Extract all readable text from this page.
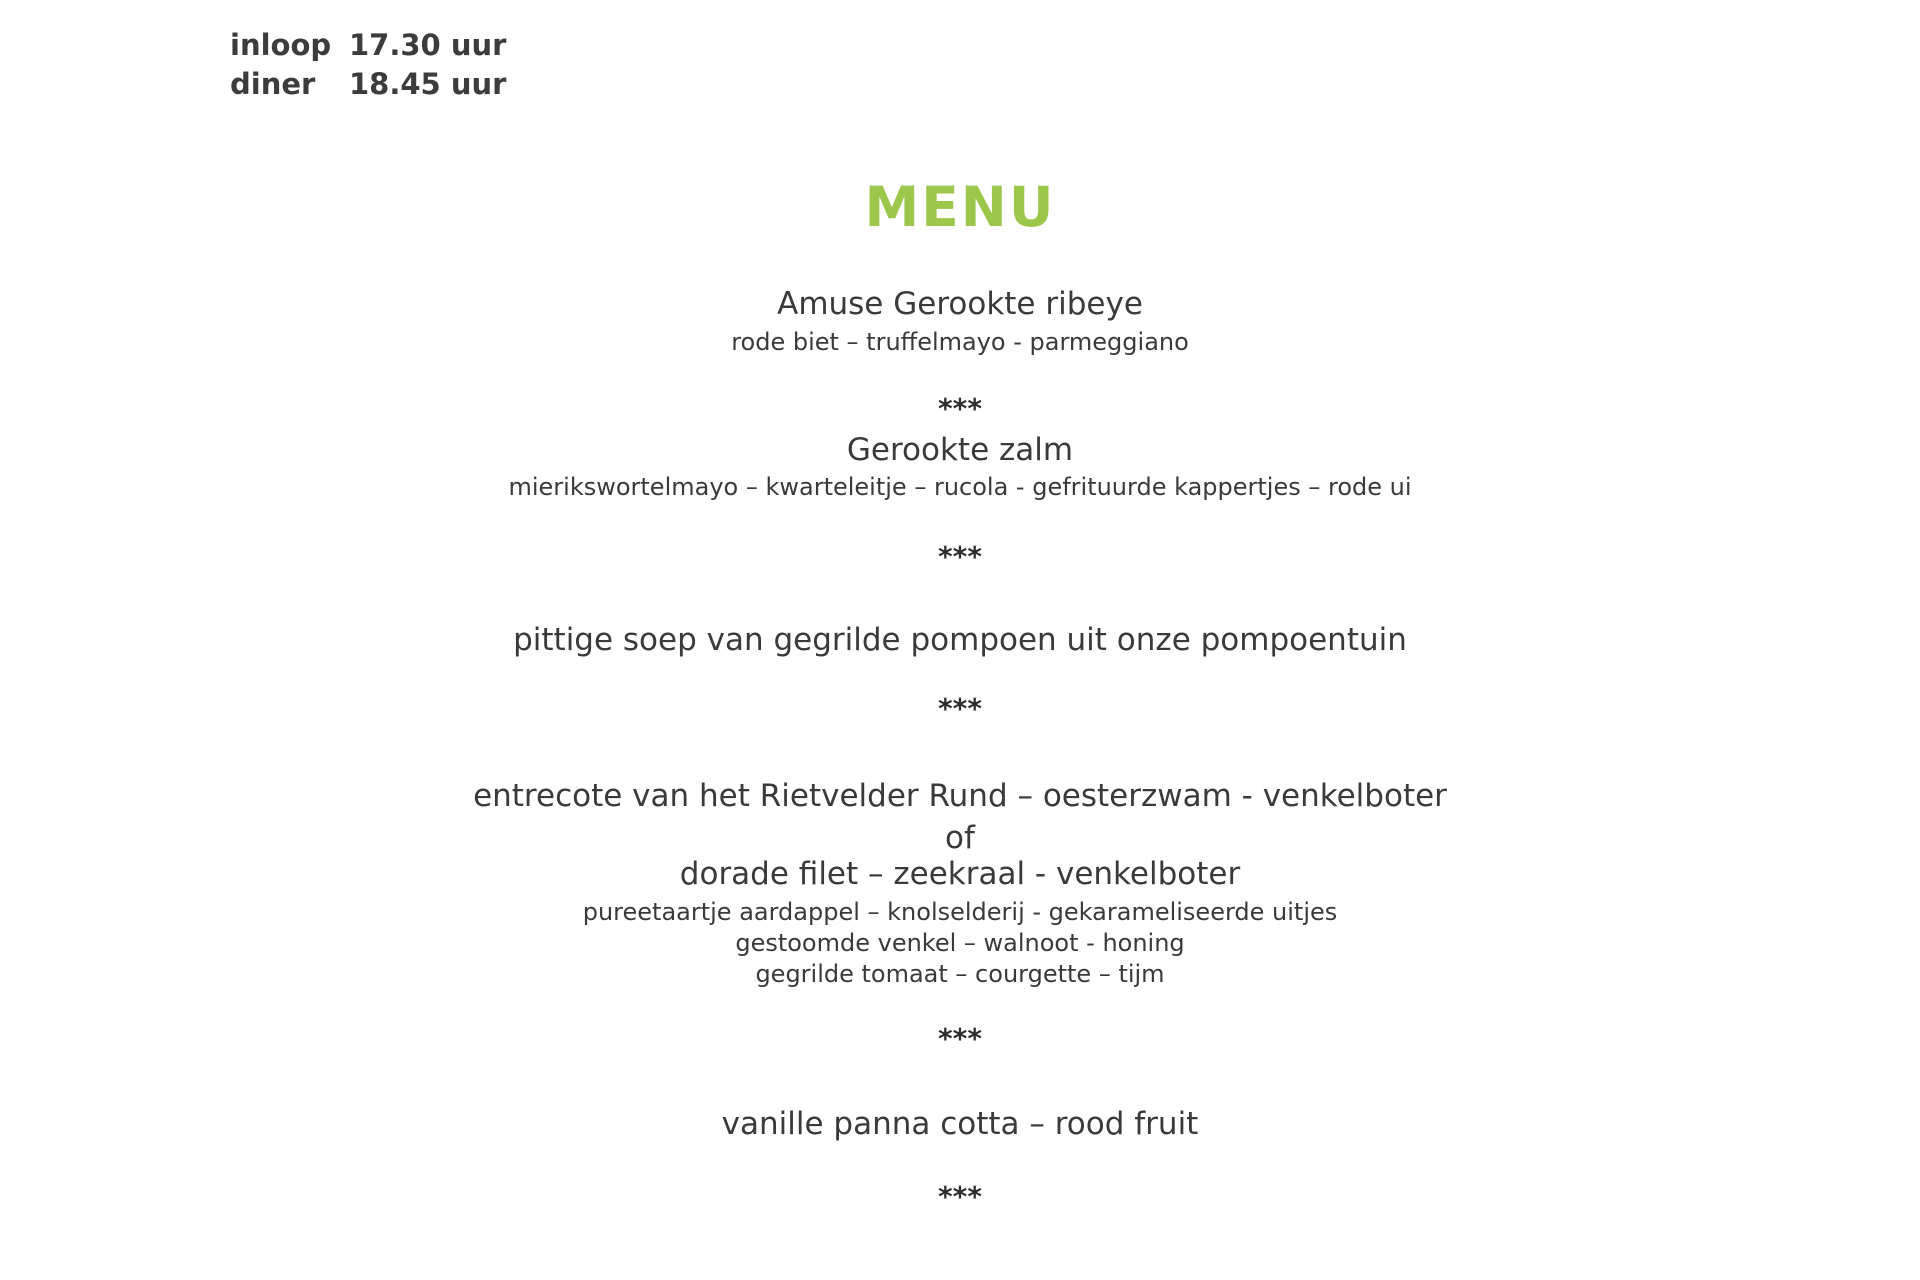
inloop 17.30 uur
diner	18.45 uur
MENU
Amuse Gerookte ribeye
rode biet – truffelmayo - parmeggiano
***
Gerookte zalm
mierikswortelmayo – kwarteleitje – rucola - gefrituurde kappertjes – rode ui
***
pittige soep van gegrilde pompoen uit onze pompoentuin
***
entrecote van het Rietvelder Rund – oesterzwam - venkelboter
of
dorade filet – zeekraal - venkelboter
pureetaartje aardappel – knolselderij - gekarameliseerde uitjes
gestoomde venkel – walnoot - honing
gegrilde tomaat – courgette – tijm
***
vanille panna cotta – rood fruit
***
